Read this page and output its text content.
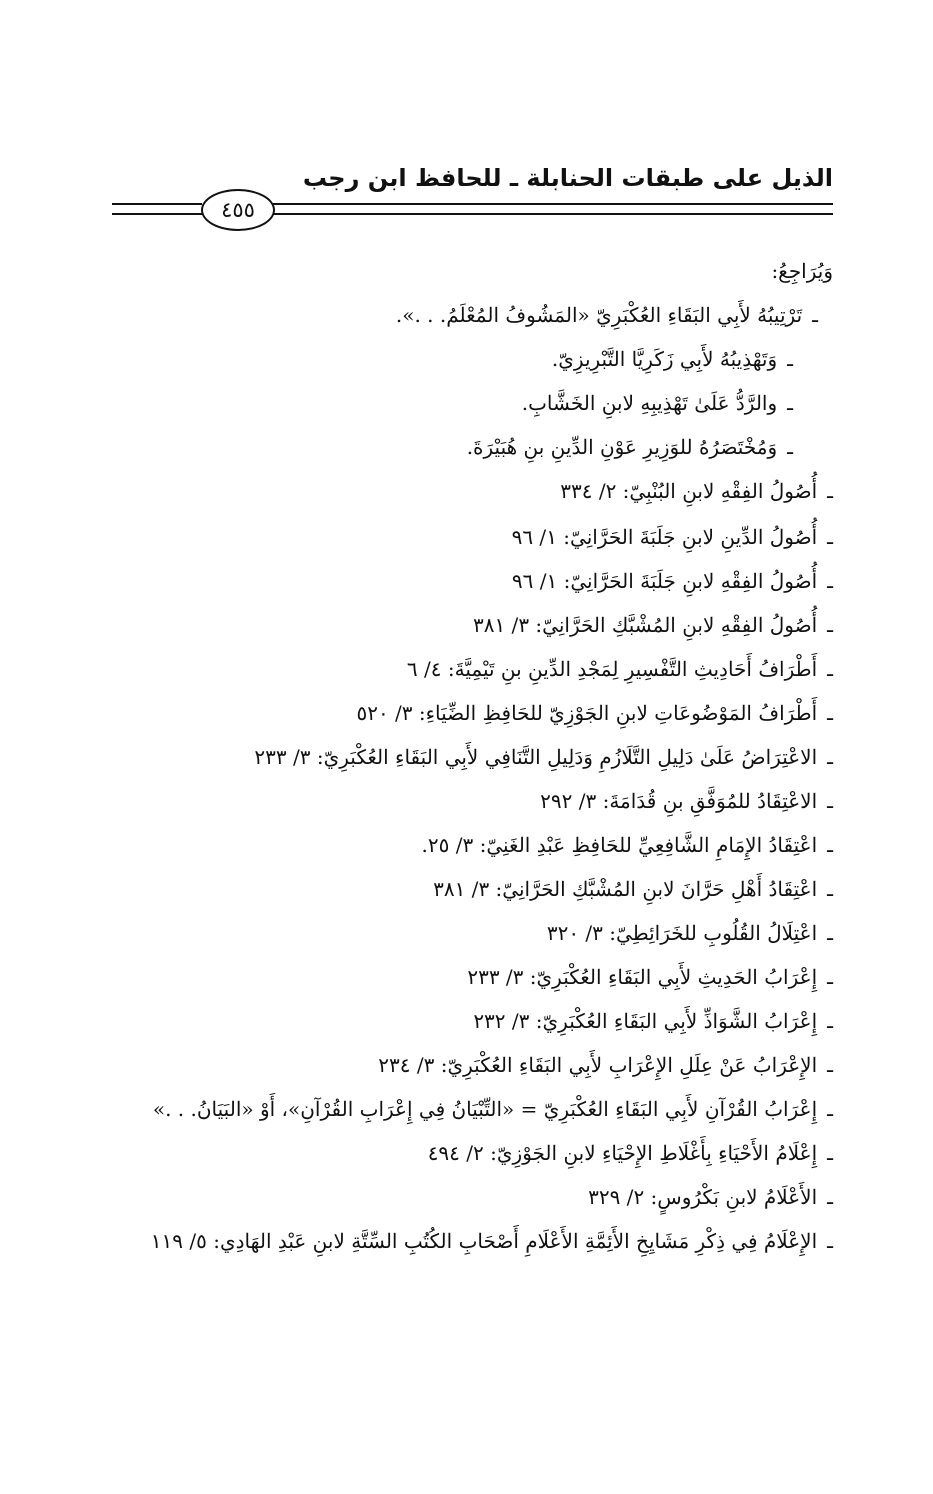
الذيل على طبقات الحنابلة ـ للحافظ ابن رجب
٤٥٥
وَيُرَاجِعُ:
ـتَرْتِيبُهُ لأَبِي البَقَاءِ العُكْبَرِيّ «المَشُوفُ المُعْلَمُ. . .».
ـوَتَهْذِيبُهُ لأَبِي زَكَرِيَّا التَّبْرِيزِيّ.
ـوالرَّدُّ عَلَىٰ تَهْذِيبِهِ لابنِ الخَشَّابِ.
ـوَمُخْتَصَرُهُ للوَزِيرِ عَوْنِ الدِّينِ بنِ هُبَيْرَةَ.
ـأُصُولُ الفِقْهِ لابنِ البُنْبِيّ: ٢/ ٣٣٤
ـأُصُولُ الدِّينِ لابنِ جَلَبَةَ الحَرَّانِيّ: ١/ ٩٦
ـأُصُولُ الفِقْهِ لابنِ جَلَبَةَ الحَرَّانِيّ: ١/ ٩٦
ـأُصُولُ الفِقْهِ لابنِ المُشْبَّكِ الحَرَّانِيّ: ٣/ ٣٨١
ـأَطْرَافُ أَحَادِيثِ التَّفْسِيرِ لِمَجْدِ الدِّينِ بنِ تَيْمِيَّةَ: ٤/ ٦
ـأَطْرَافُ المَوْضُوعَاتِ لابنِ الجَوْزِيّ للحَافِظِ الضِّيَاءِ: ٣/ ٥٢٠
ـالاعْتِرَاضُ عَلَىٰ دَلِيلِ التَّلَازُمِ وَدَلِيلِ التَّنَافِي لأَبِي البَقَاءِ العُكْبَرِيّ: ٣/ ٢٣٣
ـالاعْتِقَادُ للمُوَفَّقِ بنِ قُدَامَةَ: ٣/ ٢٩٢
ـاعْتِقَادُ الإِمَامِ الشَّافِعِيِّ للحَافِظِ عَبْدِ الغَنِيّ: ٣/ ٢٥.
ـاعْتِقَادُ أَهْلِ حَرَّانَ لابنِ المُشْبَّكِ الحَرَّانِيّ: ٣/ ٣٨١
ـاعْتِلَالُ القُلُوبِ للخَرَائِطِيّ: ٣/ ٣٢٠
ـإِعْرَابُ الحَدِيثِ لأَبِي البَقَاءِ العُكْبَرِيّ: ٣/ ٢٣٣
ـإِعْرَابُ الشَّوَاذِّ لأَبِي البَقَاءِ العُكْبَرِيّ: ٣/ ٢٣٢
ـالإِعْرَابُ عَنْ عِلَلِ الإِعْرَابِ لأَبِي البَقَاءِ العُكْبَرِيّ: ٣/ ٢٣٤
ـإِعْرَابُ القُرْآنِ لأَبِي البَقَاءِ العُكْبَرِيّ = «التِّبْيَانُ فِي إِعْرَابِ القُرْآنِ»، أَوْ «البَيَانُ. . .»
ـإِعْلَامُ الأَحْيَاءِ بِأَغْلَاطِ الإِحْيَاءِ لابنِ الجَوْزِيّ: ٢/ ٤٩٤
ـالأَعْلَامُ لابنِ بَكْرُوسٍ: ٢/ ٣٢٩
ـالإِعْلَامُ فِي ذِكْرِ مَشَايِخِ الأَئِمَّةِ الأَعْلَامِ أَصْحَابِ الكُتُبِ السِّتَّةِ لابنِ عَبْدِ الهَادِي: ٥/ ١١٩
